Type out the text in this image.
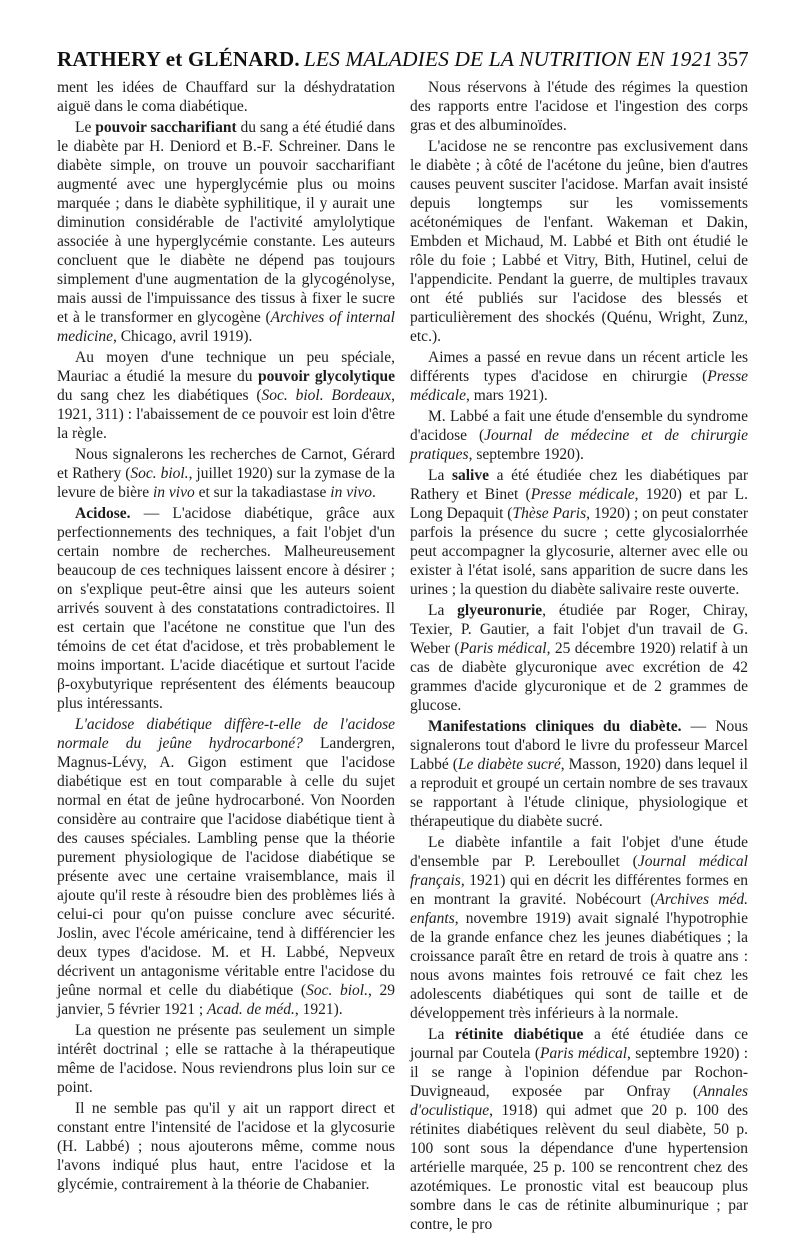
RATHERY et GLÉNARD. LES MALADIES DE LA NUTRITION EN 1921 357

ment les idées de Chauffard sur la déshydratation aiguë dans le coma diabétique.

Le pouvoir saccharifiant du sang a été étudié dans le diabète par H. Deniord et B.-F. Schreiner. Dans le diabète simple, on trouve un pouvoir saccharifiant augmenté avec une hyperglycémie plus ou moins marquée ; dans le diabète syphilitique, il y aurait une diminution considérable de l'activité amylolytique associée à une hyperglycémie constante. Les auteurs concluent que le diabète ne dépend pas toujours simplement d'une augmentation de la glycogénolyse, mais aussi de l'impuissance des tissus à fixer le sucre et à le transformer en glycogène (Archives of internal medicine, Chicago, avril 1919).

Au moyen d'une technique un peu spéciale, Mauriac a étudié la mesure du pouvoir glycolytique du sang chez les diabétiques (Soc. biol. Bordeaux, 1921, 311) : l'abaissement de ce pouvoir est loin d'être la règle.

Nous signalerons les recherches de Carnot, Gérard et Rathery (Soc. biol., juillet 1920) sur la zymase de la levure de bière in vivo et sur la takadiastase in vivo.

Acidose. — L'acidose diabétique, grâce aux perfectionnements des techniques, a fait l'objet d'un certain nombre de recherches. Malheureusement beaucoup de ces techniques laissent encore à désirer ; on s'explique peut-être ainsi que les auteurs soient arrivés souvent à des constatations contradictoires. Il est certain que l'acétone ne constitue que l'un des témoins de cet état d'acidose, et très probablement le moins important. L'acide diacétique et surtout l'acide β-oxybutyrique représentent des éléments beaucoup plus intéressants.

L'acidose diabétique diffère-t-elle de l'acidose normale du jeûne hydrocarboné? Landergren, Magnus-Lévy, A. Gigon estiment que l'acidose diabétique est en tout comparable à celle du sujet normal en état de jeûne hydrocarboné. Von Noorden considère au contraire que l'acidose diabétique tient à des causes spéciales. Lambling pense que la théorie purement physiologique de l'acidose diabétique se présente avec une certaine vraisemblance, mais il ajoute qu'il reste à résoudre bien des problèmes liés à celui-ci pour qu'on puisse conclure avec sécurité. Joslin, avec l'école américaine, tend à différencier les deux types d'acidose. M. et H. Labbé, Nepveux décrivent un antagonisme véritable entre l'acidose du jeûne normal et celle du diabétique (Soc. biol., 29 janvier, 5 février 1921 ; Acad. de méd., 1921).

La question ne présente pas seulement un simple intérêt doctrinal ; elle se rattache à la thérapeutique même de l'acidose. Nous reviendrons plus loin sur ce point.

Il ne semble pas qu'il y ait un rapport direct et constant entre l'intensité de l'acidose et la glycosurie (H. Labbé) ; nous ajouterons même, comme nous l'avons indiqué plus haut, entre l'acidose et la glycémie, contrairement à la théorie de Chabanier.

Nous réservons à l'étude des régimes la question des rapports entre l'acidose et l'ingestion des corps gras et des albuminoïdes.

L'acidose ne se rencontre pas exclusivement dans le diabète ; à côté de l'acétone du jeûne, bien d'autres causes peuvent susciter l'acidose. Marfan avait insisté depuis longtemps sur les vomissements acétonémiques de l'enfant. Wakeman et Dakin, Embden et Michaud, M. Labbé et Bith ont étudié le rôle du foie ; Labbé et Vitry, Bith, Hutinel, celui de l'appendicite. Pendant la guerre, de multiples travaux ont été publiés sur l'acidose des blessés et particulièrement des shockés (Quénu, Wright, Zunz, etc.).

Aimes a passé en revue dans un récent article les différents types d'acidose en chirurgie (Presse médicale, mars 1921).

M. Labbé a fait une étude d'ensemble du syndrome d'acidose (Journal de médecine et de chirurgie pratiques, septembre 1920).

La salive a été étudiée chez les diabétiques par Rathery et Binet (Presse médicale, 1920) et par L. Long Depaquit (Thèse Paris, 1920) ; on peut constater parfois la présence du sucre ; cette glycosialorrhée peut accompagner la glycosurie, alterner avec elle ou exister à l'état isolé, sans apparition de sucre dans les urines ; la question du diabète salivaire reste ouverte.

La glyeuronurie, étudiée par Roger, Chiray, Texier, P. Gautier, a fait l'objet d'un travail de G. Weber (Paris médical, 25 décembre 1920) relatif à un cas de diabète glycuronique avec excrétion de 42 grammes d'acide glycuronique et de 2 grammes de glucose.

Manifestations cliniques du diabète. — Nous signalerons tout d'abord le livre du professeur Marcel Labbé (Le diabète sucré, Masson, 1920) dans lequel il a reproduit et groupé un certain nombre de ses travaux se rapportant à l'étude clinique, physiologique et thérapeutique du diabète sucré.

Le diabète infantile a fait l'objet d'une étude d'ensemble par P. Lereboullet (Journal médical français, 1921) qui en décrit les différentes formes en en montrant la gravité. Nobécourt (Archives méd. enfants, novembre 1919) avait signalé l'hypotrophie de la grande enfance chez les jeunes diabétiques ; la croissance paraît être en retard de trois à quatre ans : nous avons maintes fois retrouvé ce fait chez les adolescents diabétiques qui sont de taille et de développement très inférieurs à la normale.

La rétinite diabétique a été étudiée dans ce journal par Coutela (Paris médical, septembre 1920) : il se range à l'opinion défendue par Rochon-Duvigneaud, exposée par Onfray (Annales d'oculistique, 1918) qui admet que 20 p. 100 des rétinites diabétiques relèvent du seul diabète, 50 p. 100 sont sous la dépendance d'une hypertension artérielle marquée, 25 p. 100 se rencontrent chez des azotémiques. Le pronostic vital est beaucoup plus sombre dans le cas de rétinite albuminurique ; par contre, le pro
